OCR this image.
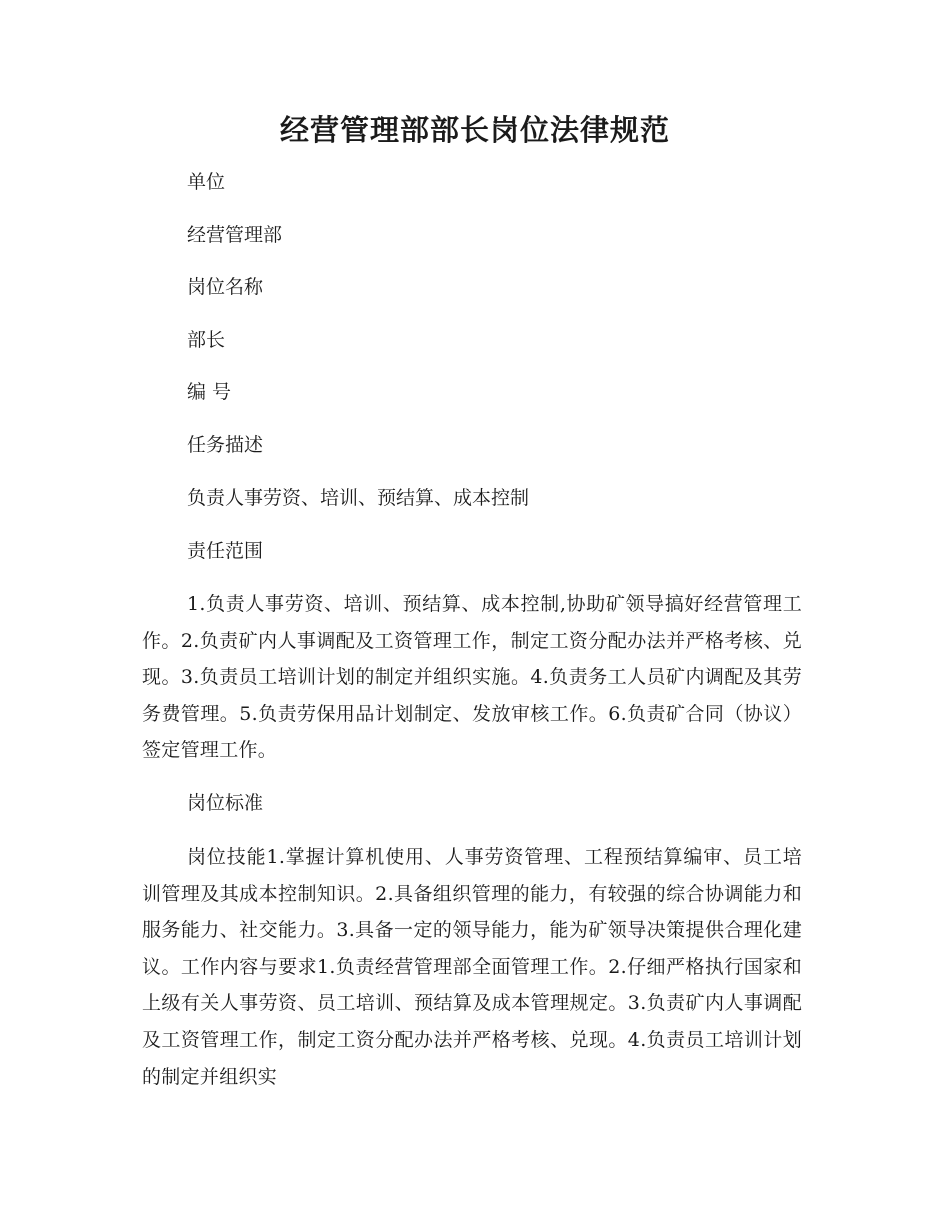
经营管理部部长岗位法律规范
单位
经营管理部
岗位名称
部长
编 号
任务描述
负责人事劳资、培训、预结算、成本控制
责任范围
1.负责人事劳资、培训、预结算、成本控制,协助矿领导搞好经营管理工作。2.负责矿内人事调配及工资管理工作，制定工资分配办法并严格考核、兑现。3.负责员工培训计划的制定并组织实施。4.负责务工人员矿内调配及其劳务费管理。5.负责劳保用品计划制定、发放审核工作。6.负责矿合同（协议）签定管理工作。
岗位标准
岗位技能1.掌握计算机使用、人事劳资管理、工程预结算编审、员工培训管理及其成本控制知识。2.具备组织管理的能力，有较强的综合协调能力和服务能力、社交能力。3.具备一定的领导能力，能为矿领导决策提供合理化建议。工作内容与要求1.负责经营管理部全面管理工作。2.仔细严格执行国家和上级有关人事劳资、员工培训、预结算及成本管理规定。3.负责矿内人事调配及工资管理工作，制定工资分配办法并严格考核、兑现。4.负责员工培训计划的制定并组织实
